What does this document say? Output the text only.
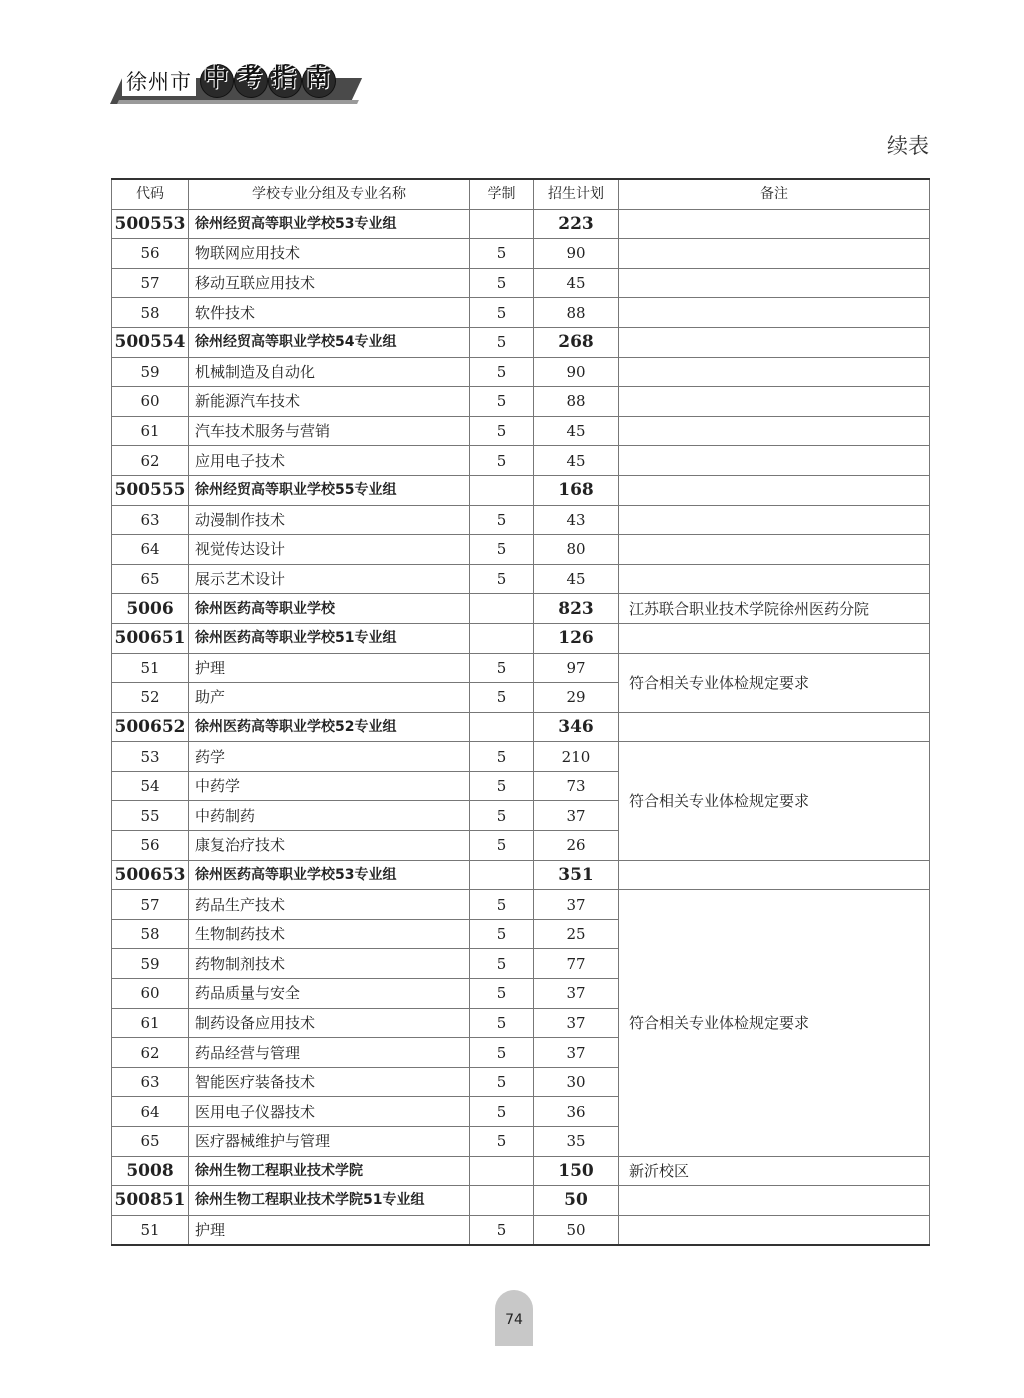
徐州市 中 考 指 南
续表
代码	学校专业分组及专业名称	学制	招生计划	备注
500553	徐州经贸高等职业学校53专业组		223	
56	物联网应用技术	5	90	
57	移动互联应用技术	5	45	
58	软件技术	5	88	
500554	徐州经贸高等职业学校54专业组	5	268	
59	机械制造及自动化	5	90	
60	新能源汽车技术	5	88	
61	汽车技术服务与营销	5	45	
62	应用电子技术	5	45	
500555	徐州经贸高等职业学校55专业组		168	
63	动漫制作技术	5	43	
64	视觉传达设计	5	80	
65	展示艺术设计	5	45	
5006	徐州医药高等职业学校		823	江苏联合职业技术学院徐州医药分院
500651	徐州医药高等职业学校51专业组		126	
51	护理	5	97	符合相关专业体检规定要求
52	助产	5	29	
500652	徐州医药高等职业学校52专业组		346	
53	药学	5	210	符合相关专业体检规定要求
54	中药学	5	73	
55	中药制药	5	37	
56	康复治疗技术	5	26	
500653	徐州医药高等职业学校53专业组		351	
57	药品生产技术	5	37	符合相关专业体检规定要求
58	生物制药技术	5	25	
59	药物制剂技术	5	77	
60	药品质量与安全	5	37	
61	制药设备应用技术	5	37	
62	药品经营与管理	5	37	
63	智能医疗装备技术	5	30	
64	医用电子仪器技术	5	36	
65	医疗器械维护与管理	5	35	
5008	徐州生物工程职业技术学院		150	新沂校区
500851	徐州生物工程职业技术学院51专业组		50	
51	护理	5	50	
74
